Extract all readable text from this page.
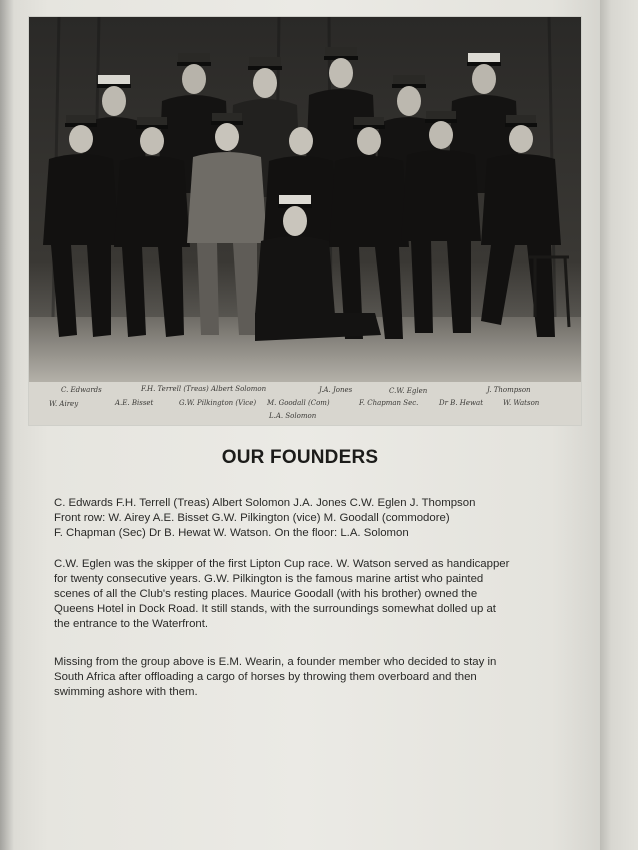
C. Edwards	F.H. Terrell (Treas) Albert Solomon	J.A. Jones	C.W. Eglen	J. Thompson
W. Airey	A.E. Bisset	G.W. Pilkington (Vice) M. Goodall (Com)	F. Chapman Sec.	Dr B. Hewat	W. Watson
L.A. Solomon
OUR FOUNDERS
C. Edwards F.H. Terrell (Treas) Albert Solomon J.A. Jones C.W. Eglen J. Thompson
Front row: W. Airey A.E. Bisset G.W. Pilkington (vice) M. Goodall (commodore)
F. Chapman (Sec) Dr B. Hewat W. Watson. On the floor: L.A. Solomon
C.W. Eglen was the skipper of the first Lipton Cup race. W. Watson served as handicapper
for twenty consecutive years. G.W. Pilkington is the famous marine artist who painted
scenes of all the Club's resting places. Maurice Goodall (with his brother) owned the
Queens Hotel in Dock Road. It still stands, with the surroundings somewhat dolled up at
the entrance to the Waterfront.
Missing from the group above is E.M. Wearin, a founder member who decided to stay in
South Africa after offloading a cargo of horses by throwing them overboard and then
swimming ashore with them.
